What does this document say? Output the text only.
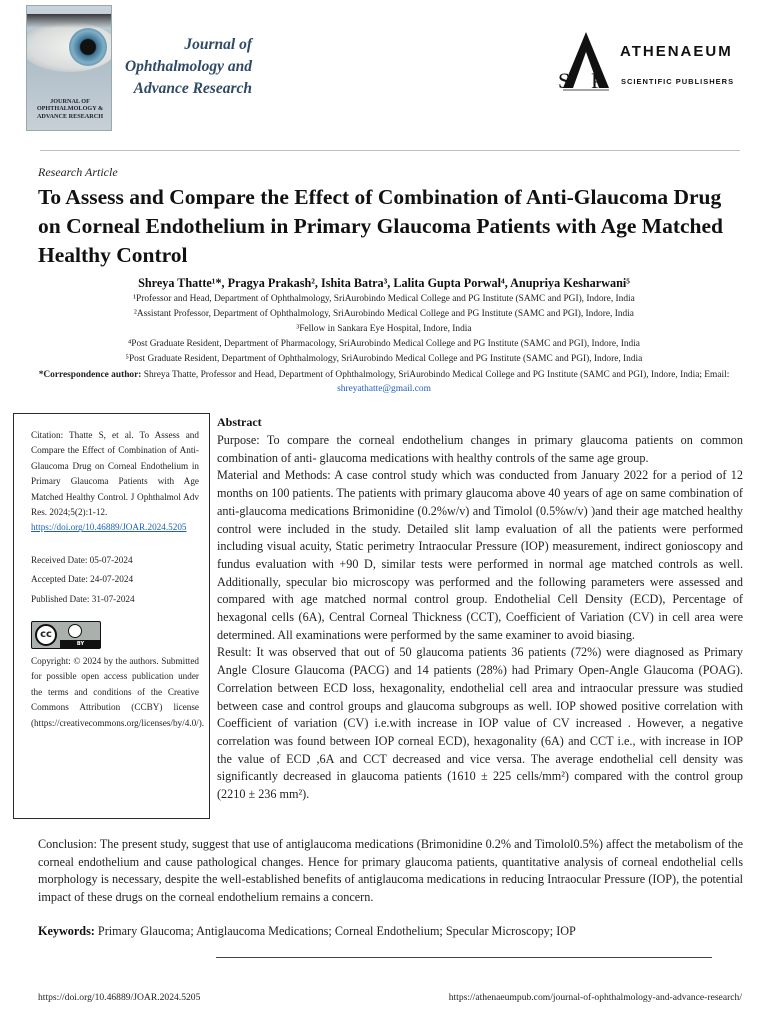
JOURNAL OF OPHTHALMOLOGY & ADVANCE RESEARCH
Journal of
Ophthalmology and
Advance Research	S P
ATHENAEUM
SCIENTIFIC PUBLISHERS
Research Article
To Assess and Compare the Effect of Combination of Anti-Glaucoma Drug on Corneal Endothelium in Primary Glaucoma Patients with Age Matched Healthy Control
Shreya Thatte¹*, Pragya Prakash², Ishita Batra³, Lalita Gupta Porwal⁴, Anupriya Kesharwani⁵
¹Professor and Head, Department of Ophthalmology, SriAurobindo Medical College and PG Institute (SAMC and PGI), Indore, India
²Assistant Professor, Department of Ophthalmology, SriAurobindo Medical College and PG Institute (SAMC and PGI), Indore, India
³Fellow in Sankara Eye Hospital, Indore, India
⁴Post Graduate Resident, Department of Pharmacology, SriAurobindo Medical College and PG Institute (SAMC and PGI), Indore, India
⁵Post Graduate Resident, Department of Ophthalmology, SriAurobindo Medical College and PG Institute (SAMC and PGI), Indore, India
*Correspondence author: Shreya Thatte, Professor and Head, Department of Ophthalmology, SriAurobindo Medical College and PG Institute (SAMC and PGI), Indore, India; Email: shreyathatte@gmail.com
Citation: Thatte S, et al. To Assess and Compare the Effect of Combination of Anti-Glaucoma Drug on Corneal Endothelium in Primary Glaucoma Patients with Age Matched Healthy Control. J Ophthalmol Adv Res. 2024;5(2):1-12.
https://doi.org/10.46889/JOAR.2024.5205
Received Date: 05-07-2024
Accepted Date: 24-07-2024
Published Date: 31-07-2024
cc
BY
Copyright: © 2024 by the authors. Submitted for possible open access publication under the terms and conditions of the Creative Commons Attribution (CCBY) license (https://creativecommons.org/licenses/by/4.0/).
Abstract

Purpose: To compare the corneal endothelium changes in primary glaucoma patients on common combination of anti- glaucoma medications with healthy controls of the same age group.

Material and Methods: A case control study which was conducted from January 2022 for a period of 12 months on 100 patients. The patients with primary glaucoma above 40 years of age on same combination of anti-glaucoma medications Brimonidine (0.2%w/v) and Timolol (0.5%w/v) )and their age matched healthy control were included in the study. Detailed slit lamp evaluation of all the patients were performed including visual acuity, Static perimetry Intraocular Pressure (IOP) measurement, indirect gonioscopy and fundus evaluation with +90 D, similar tests were performed in normal age matched controls as well. Additionally, specular bio microscopy was performed and the following parameters were assessed and compared with age matched normal control group. Endothelial Cell Density (ECD), Percentage of hexagonal cells (6A), Central Corneal Thickness (CCT), Coefficient of Variation (CV) in cell area were determined. All examinations were performed by the same examiner to avoid biasing.

Result: It was observed that out of 50 glaucoma patients 36 patients (72%) were diagnosed as Primary Angle Closure Glaucoma (PACG) and 14 patients (28%) had Primary Open-Angle Glaucoma (POAG). Correlation between ECD loss, hexagonality, endothelial cell area and intraocular pressure was studied between case and control groups and glaucoma subgroups as well. IOP showed positive correlation with Coefficient of variation (CV) i.e.with increase in IOP value of CV increased . However, a negative correlation was found between IOP corneal ECD), hexagonality (6A) and CCT i.e., with increase in IOP the value of ECD ,6A and CCT decreased and vice versa. The average endothelial cell density was significantly decreased in glaucoma patients (1610 ± 225 cells/mm²) compared with the control group (2210 ± 236 mm²).

Conclusion: The present study, suggest that use of antiglaucoma medications (Brimonidine 0.2% and Timolol0.5%) affect the metabolism of the corneal endothelium and cause pathological changes. Hence for primary glaucoma patients, quantitative analysis of corneal endothelial cells morphology is necessary, despite the well-established benefits of antiglaucoma medications in reducing Intraocular Pressure (IOP), the potential impact of these drugs on the corneal endothelium remains a concern.
Keywords: Primary Glaucoma; Antiglaucoma Medications; Corneal Endothelium; Specular Microscopy; IOP
https://doi.org/10.46889/JOAR.2024.5205	https://athenaeumpub.com/journal-of-ophthalmology-and-advance-research/
